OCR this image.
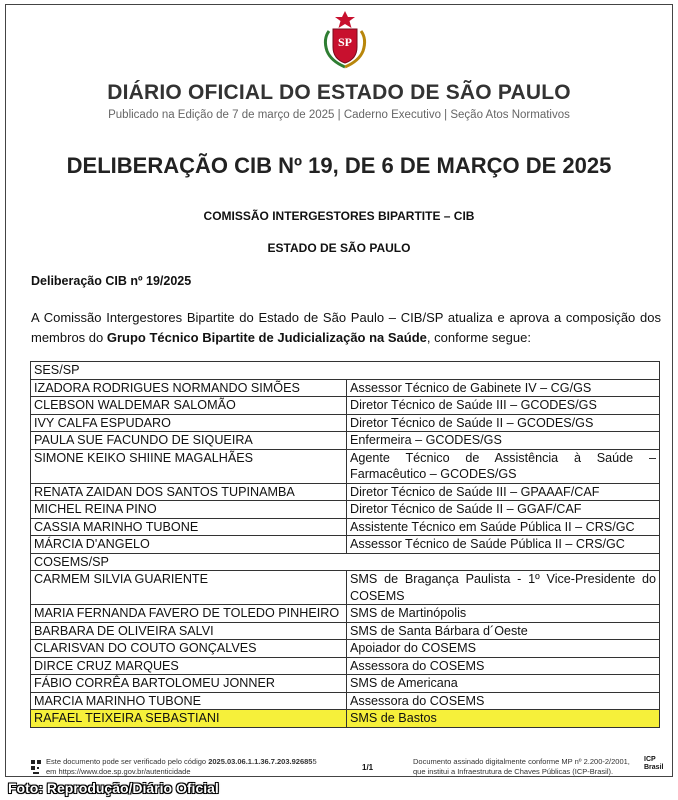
SP
DIÁRIO OFICIAL DO ESTADO DE SÃO PAULO
Publicado na Edição de 7 de março de 2025 | Caderno Executivo | Seção Atos Normativos
DELIBERAÇÃO CIB Nº 19, DE 6 DE MARÇO DE 2025
COMISSÃO INTERGESTORES BIPARTITE – CIB
ESTADO DE SÃO PAULO
Deliberação CIB nº 19/2025
A Comissão Intergestores Bipartite do Estado de São Paulo – CIB/SP atualiza e aprova a composição dos membros do Grupo Técnico Bipartite de Judicialização na Saúde, conforme segue:
SES/SP	
IZADORA RODRIGUES NORMANDO SIMÕES	Assessor Técnico de Gabinete IV – CG/GS
CLEBSON WALDEMAR SALOMÃO	Diretor Técnico de Saúde III – GCODES/GS
IVY CALFA ESPUDARO	Diretor Técnico de Saúde II – GCODES/GS
PAULA SUE FACUNDO DE SIQUEIRA	Enfermeira – GCODES/GS
SIMONE KEIKO SHIINE MAGALHÃES	Agente Técnico de Assistência à Saúde – Farmacêutico – GCODES/GS
RENATA ZAIDAN DOS SANTOS TUPINAMBA	Diretor Técnico de Saúde III – GPAAAF/CAF
MICHEL REINA PINO	Diretor Técnico de Saúde II – GGAF/CAF
CASSIA MARINHO TUBONE	Assistente Técnico em Saúde Pública II – CRS/GC
MÁRCIA D'ANGELO	Assessor Técnico de Saúde Pública II – CRS/GC
COSEMS/SP	
CARMEM SILVIA GUARIENTE	SMS de Bragança Paulista - 1º Vice-Presidente do COSEMS
MARIA FERNANDA FAVERO DE TOLEDO PINHEIRO	SMS de Martinópolis
BARBARA DE OLIVEIRA SALVI	SMS de Santa Bárbara d´Oeste
CLARISVAN DO COUTO GONÇALVES	Apoiador do COSEMS
DIRCE CRUZ MARQUES	Assessora do COSEMS
FÁBIO CORRÊA BARTOLOMEU JONNER	SMS de Americana
MARCIA MARINHO TUBONE	Assessora do COSEMS
RAFAEL TEIXEIRA SEBASTIANI	SMS de Bastos
Este documento pode ser verificado pelo código 2025.03.06.1.1.36.7.203.926855
em https://www.doe.sp.gov.br/autenticidade	1/1
Documento assinado digitalmente conforme MP nº 2.200-2/2001,
que institui a Infraestrutura de Chaves Públicas (ICP-Brasil).
ICP Brasil
Foto: Reprodução/Diário Oficial
